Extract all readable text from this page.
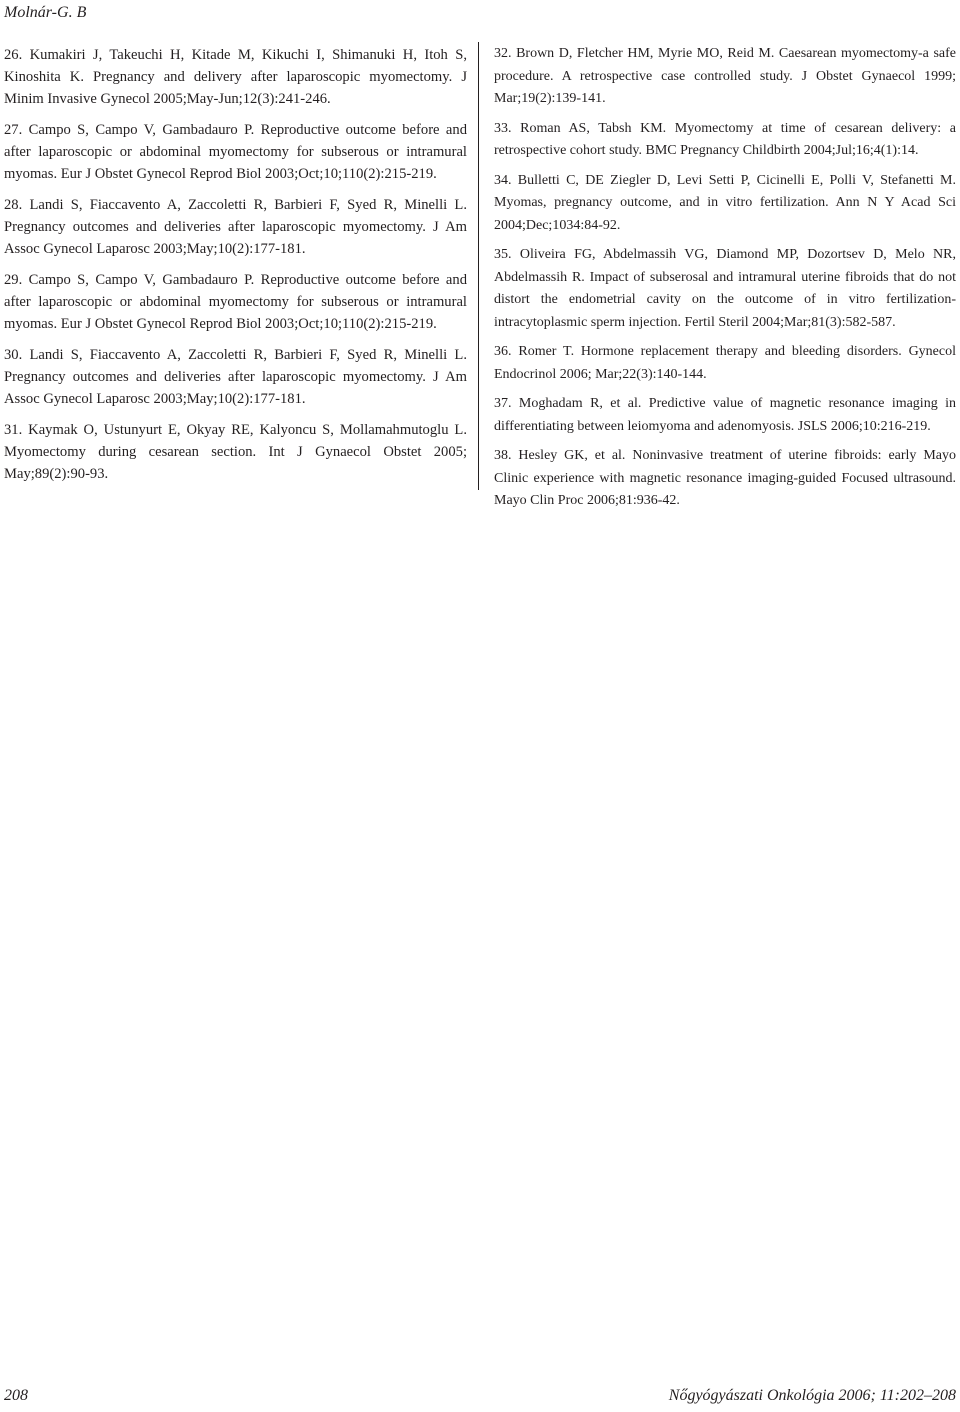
Molnár-G. B

26. Kumakiri J, Takeuchi H, Kitade M, Kikuchi I, Shimanuki H, Itoh S, Kinoshita K. Pregnancy and delivery after laparoscopic myomectomy. J Minim Invasive Gynecol 2005;May-Jun;12(3):241-246.

27. Campo S, Campo V, Gambadauro P. Reproductive outcome before and after laparoscopic or abdominal myomectomy for subserous or intramural myomas. Eur J Obstet Gynecol Reprod Biol 2003;Oct;10;110(2):215-219.

28. Landi S, Fiaccavento A, Zaccoletti R, Barbieri F, Syed R, Minelli L. Pregnancy outcomes and deliveries after laparoscopic myomectomy. J Am Assoc Gynecol Laparosc 2003;May;10(2):177-181.

29. Campo S, Campo V, Gambadauro P. Reproductive outcome before and after laparoscopic or abdominal myomectomy for subserous or intramural myomas. Eur J Obstet Gynecol Reprod Biol 2003;Oct;10;110(2):215-219.

30. Landi S, Fiaccavento A, Zaccoletti R, Barbieri F, Syed R, Minelli L. Pregnancy outcomes and deliveries after laparoscopic myomectomy. J Am Assoc Gynecol Laparosc 2003;May;10(2):177-181.

31. Kaymak O, Ustunyurt E, Okyay RE, Kalyoncu S, Mollamahmutoglu L. Myomectomy during cesarean section. Int J Gynaecol Obstet 2005; May;89(2):90-93.

32. Brown D, Fletcher HM, Myrie MO, Reid M. Caesarean myomectomy-a safe procedure. A retrospective case controlled study. J Obstet Gynaecol 1999; Mar;19(2):139-141.

33. Roman AS, Tabsh KM. Myomectomy at time of cesarean delivery: a retrospective cohort study. BMC Pregnancy Childbirth 2004;Jul;16;4(1):14.

34. Bulletti C, DE Ziegler D, Levi Setti P, Cicinelli E, Polli V, Stefanetti M. Myomas, pregnancy outcome, and in vitro fertilization. Ann N Y Acad Sci 2004;Dec;1034:84-92.

35. Oliveira FG, Abdelmassih VG, Diamond MP, Dozortsev D, Melo NR, Abdelmassih R. Impact of subserosal and intramural uterine fibroids that do not distort the endometrial cavity on the outcome of in vitro fertilization-intracytoplasmic sperm injection. Fertil Steril 2004;Mar;81(3):582-587.

36. Romer T. Hormone replacement therapy and bleeding disorders. Gynecol Endocrinol 2006; Mar;22(3):140-144.

37. Moghadam R, et al. Predictive value of magnetic resonance imaging in differentiating between leiomyoma and adenomyosis. JSLS 2006;10:216-219.

38. Hesley GK, et al. Noninvasive treatment of uterine fibroids: early Mayo Clinic experience with magnetic resonance imaging-guided Focused ultrasound. Mayo Clin Proc 2006;81:936-42.

208	Nőgyógyászati Onkológia 2006; 11:202–208
